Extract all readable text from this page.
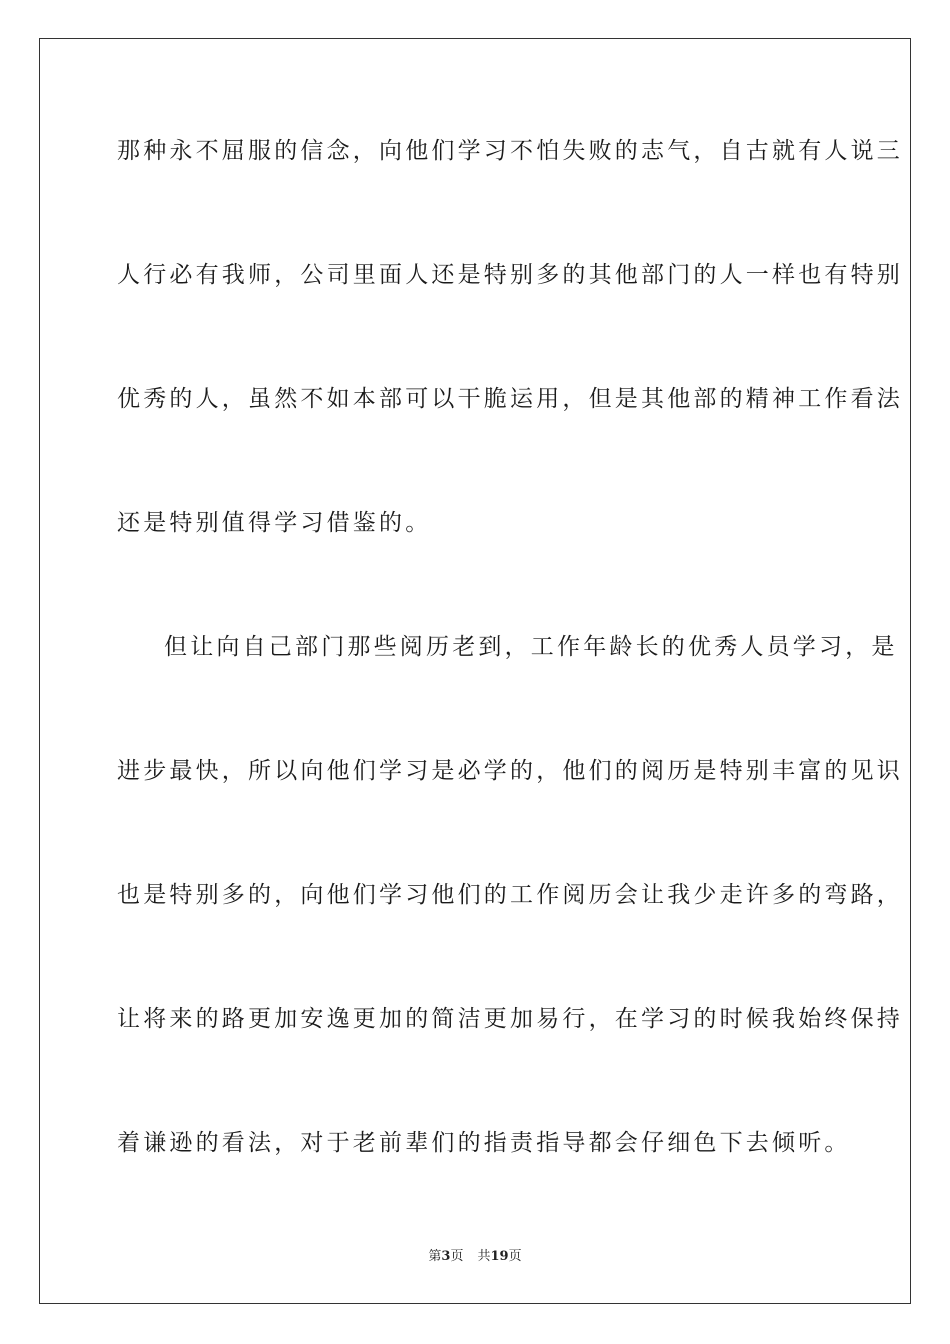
那种永不屈服的信念，向他们学习不怕失败的志气，自古就有人说三
人行必有我师，公司里面人还是特别多的其他部门的人一样也有特别
优秀的人，虽然不如本部可以干脆运用，但是其他部的精神工作看法
还是特别值得学习借鉴的。
但让向自己部门那些阅历老到，工作年龄长的优秀人员学习，是
进步最快，所以向他们学习是必学的，他们的阅历是特别丰富的见识
也是特别多的，向他们学习他们的工作阅历会让我少走许多的弯路，
让将来的路更加安逸更加的简洁更加易行，在学习的时候我始终保持
着谦逊的看法，对于老前辈们的指责指导都会仔细色下去倾听。
第3页 共19页
